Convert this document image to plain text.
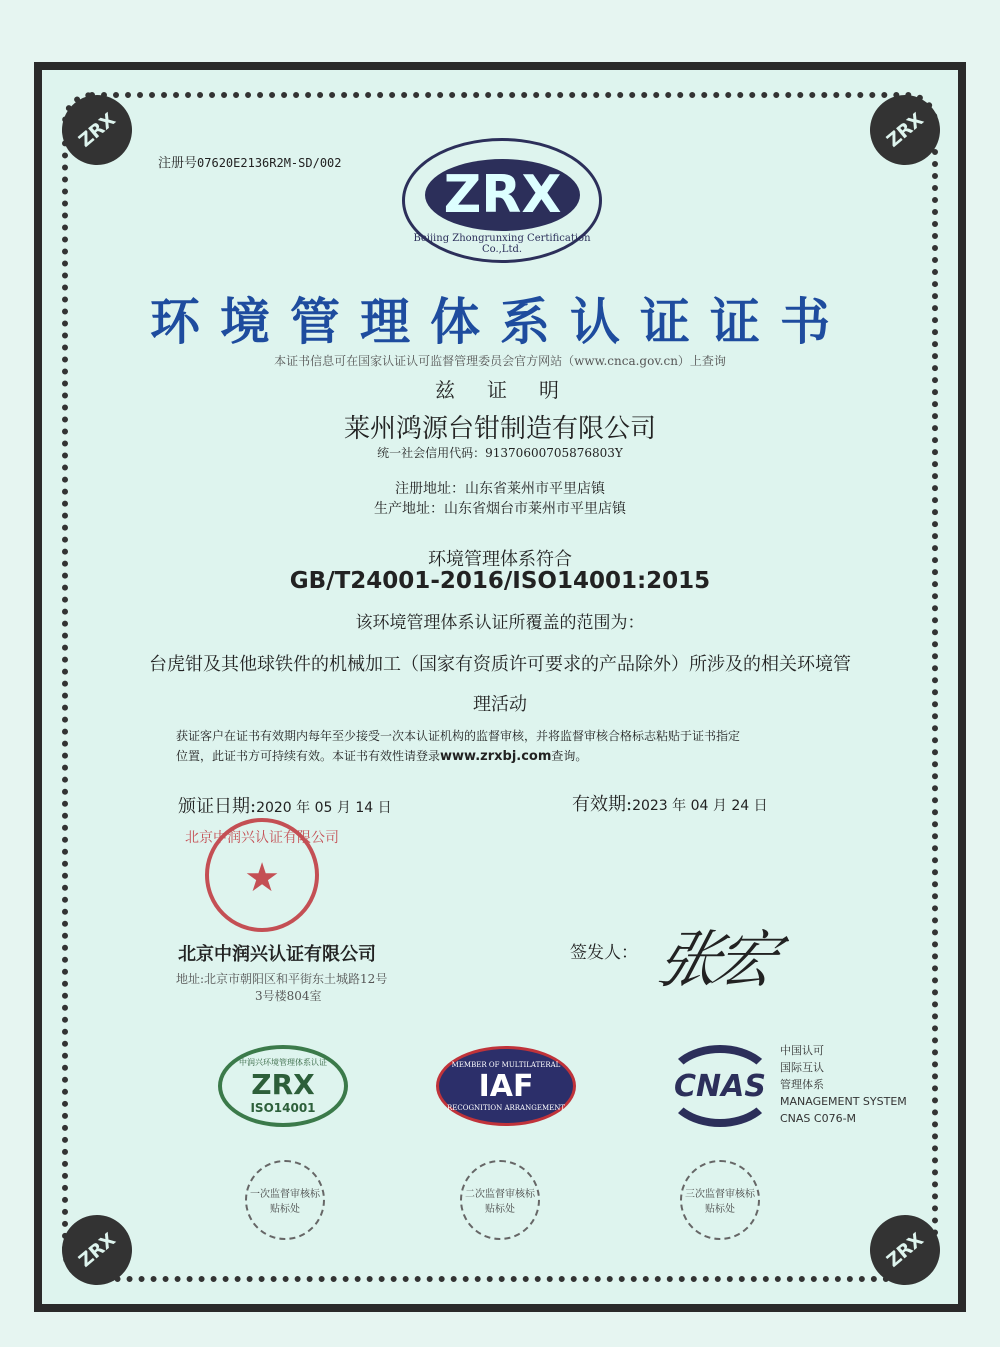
ZRX	ZRX
ZRX	ZRX
注册号07620E2136R2M-SD/002
ZRX
Beijing Zhongrunxing Certification Co.,Ltd.
环境管理体系认证证书
本证书信息可在国家认证认可监督管理委员会官方网站（www.cnca.gov.cn）上查询
兹　证　明
莱州鸿源台钳制造有限公司
统一社会信用代码：91370600705876803Y
注册地址：山东省莱州市平里店镇
生产地址：山东省烟台市莱州市平里店镇
环境管理体系符合
GB/T24001-2016/ISO14001:2015
该环境管理体系认证所覆盖的范围为：
台虎钳及其他球铁件的机械加工（国家有资质许可要求的产品除外）所涉及的相关环境管
理活动
获证客户在证书有效期内每年至少接受一次本认证机构的监督审核，并将监督审核合格标志粘贴于证书指定
位置，此证书方可持续有效。本证书有效性请登录www.zrxbj.com查询。
颁证日期:2020 年 05 月 14 日	有效期:2023 年 04 月 24 日
北京中润兴认证有限公司
★
北京中润兴认证有限公司
地址:北京市朝阳区和平街东土城路12号
3号楼804室
签发人： 张宏
中润兴环境管理体系认证
ZRX
ISO14001
MEMBER OF MULTILATERAL
IAF
RECOGNITION ARRANGEMENT
CNAS
中国认可
国际互认
管理体系
MANAGEMENT SYSTEM
CNAS C076-M
一次监督审核标
贴标处
二次监督审核标
贴标处
三次监督审核标
贴标处
